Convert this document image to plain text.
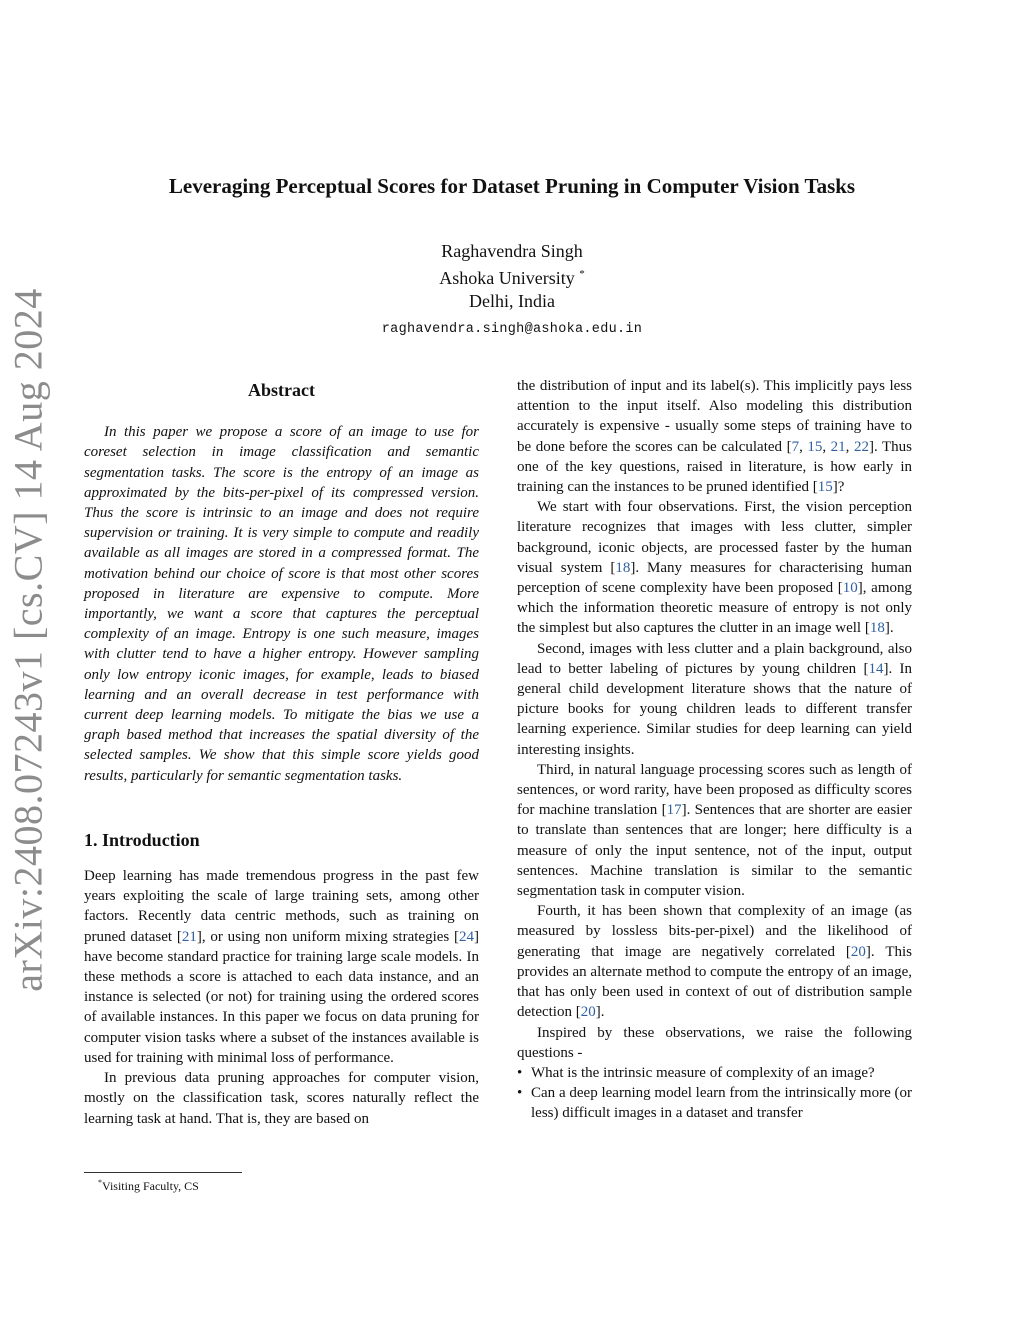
arXiv:2408.07243v1 [cs.CV] 14 Aug 2024
Leveraging Perceptual Scores for Dataset Pruning in Computer Vision Tasks
Raghavendra Singh
Ashoka University *
Delhi, India
raghavendra.singh@ashoka.edu.in
Abstract

In this paper we propose a score of an image to use for coreset selection in image classification and semantic segmentation tasks. The score is the entropy of an image as approximated by the bits-per-pixel of its compressed version. Thus the score is intrinsic to an image and does not require supervision or training. It is very simple to compute and readily available as all images are stored in a compressed format. The motivation behind our choice of score is that most other scores proposed in literature are expensive to compute. More importantly, we want a score that captures the perceptual complexity of an image. Entropy is one such measure, images with clutter tend to have a higher entropy. However sampling only low entropy iconic images, for example, leads to biased learning and an overall decrease in test performance with current deep learning models. To mitigate the bias we use a graph based method that increases the spatial diversity of the selected samples. We show that this simple score yields good results, particularly for semantic segmentation tasks.

1. Introduction

Deep learning has made tremendous progress in the past few years exploiting the scale of large training sets, among other factors. Recently data centric methods, such as training on pruned dataset [21], or using non uniform mixing strategies [24] have become standard practice for training large scale models. In these methods a score is attached to each data instance, and an instance is selected (or not) for training using the ordered scores of available instances. In this paper we focus on data pruning for computer vision tasks where a subset of the instances available is used for training with minimal loss of performance.

In previous data pruning approaches for computer vision, mostly on the classification task, scores naturally reflect the learning task at hand. That is, they are based on

the distribution of input and its label(s). This implicitly pays less attention to the input itself. Also modeling this distribution accurately is expensive - usually some steps of training have to be done before the scores can be calculated [7, 15, 21, 22]. Thus one of the key questions, raised in literature, is how early in training can the instances to be pruned identified [15]?

We start with four observations. First, the vision perception literature recognizes that images with less clutter, simpler background, iconic objects, are processed faster by the human visual system [18]. Many measures for characterising human perception of scene complexity have been proposed [10], among which the information theoretic measure of entropy is not only the simplest but also captures the clutter in an image well [18].

Second, images with less clutter and a plain background, also lead to better labeling of pictures by young children [14]. In general child development literature shows that the nature of picture books for young children leads to different transfer learning experience. Similar studies for deep learning can yield interesting insights.

Third, in natural language processing scores such as length of sentences, or word rarity, have been proposed as difficulty scores for machine translation [17]. Sentences that are shorter are easier to translate than sentences that are longer; here difficulty is a measure of only the input sentence, not of the input, output sentences. Machine translation is similar to the semantic segmentation task in computer vision.

Fourth, it has been shown that complexity of an image (as measured by lossless bits-per-pixel) and the likelihood of generating that image are negatively correlated [20]. This provides an alternate method to compute the entropy of an image, that has only been used in context of out of distribution sample detection [20].

Inspired by these observations, we raise the following questions -

• What is the intrinsic measure of complexity of an image?
• Can a deep learning model learn from the intrinsically more (or less) difficult images in a dataset and transfer
*Visiting Faculty, CS
